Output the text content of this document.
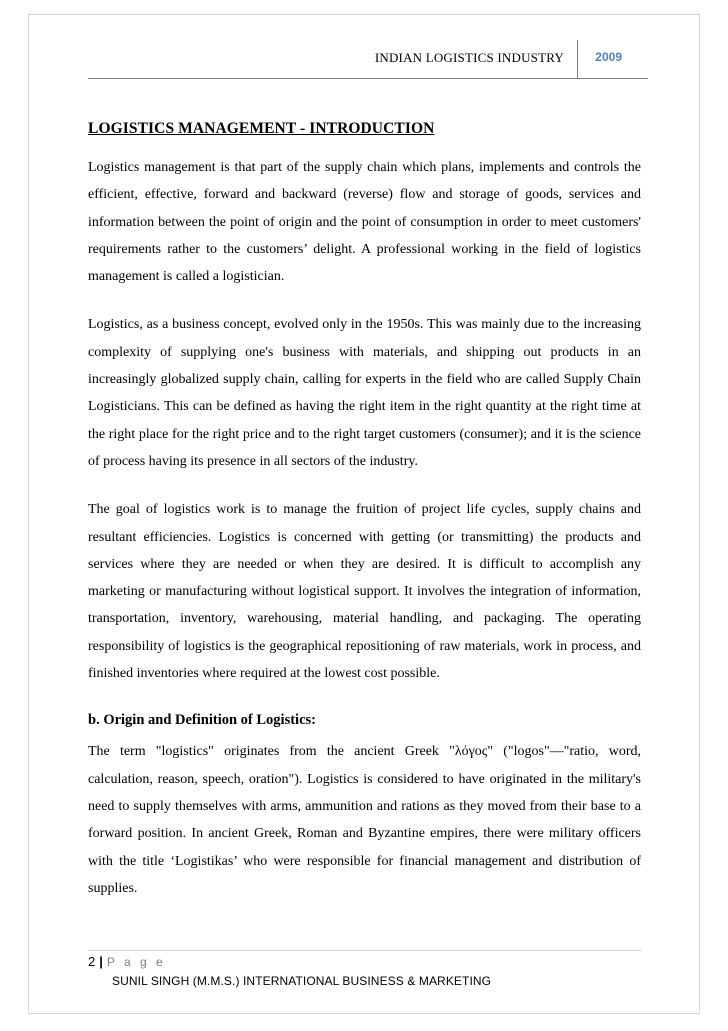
INDIAN LOGISTICS INDUSTRY	2009
LOGISTICS MANAGEMENT - INTRODUCTION

Logistics management is that part of the supply chain which plans, implements and controls the efficient, effective, forward and backward (reverse) flow and storage of goods, services and information between the point of origin and the point of consumption in order to meet customers' requirements rather to the customers’ delight. A professional working in the field of logistics management is called a logistician.

Logistics, as a business concept, evolved only in the 1950s. This was mainly due to the increasing complexity of supplying one's business with materials, and shipping out products in an increasingly globalized supply chain, calling for experts in the field who are called Supply Chain Logisticians. This can be defined as having the right item in the right quantity at the right time at the right place for the right price and to the right target customers (consumer); and it is the science of process having its presence in all sectors of the industry.

The goal of logistics work is to manage the fruition of project life cycles, supply chains and resultant efficiencies. Logistics is concerned with getting (or transmitting) the products and services where they are needed or when they are desired. It is difficult to accomplish any marketing or manufacturing without logistical support. It involves the integration of information, transportation, inventory, warehousing, material handling, and packaging. The operating responsibility of logistics is the geographical repositioning of raw materials, work in process, and finished inventories where required at the lowest cost possible.

b. Origin and Definition of Logistics:

The term "logistics" originates from the ancient Greek "λόγος" ("logos"—"ratio, word, calculation, reason, speech, oration"). Logistics is considered to have originated in the military's need to supply themselves with arms, ammunition and rations as they moved from their base to a forward position. In ancient Greek, Roman and Byzantine empires, there were military officers with the title ‘Logistikas’ who were responsible for financial management and distribution of supplies.

2 | P a g e
SUNIL SINGH (M.M.S.) INTERNATIONAL BUSINESS & MARKETING
